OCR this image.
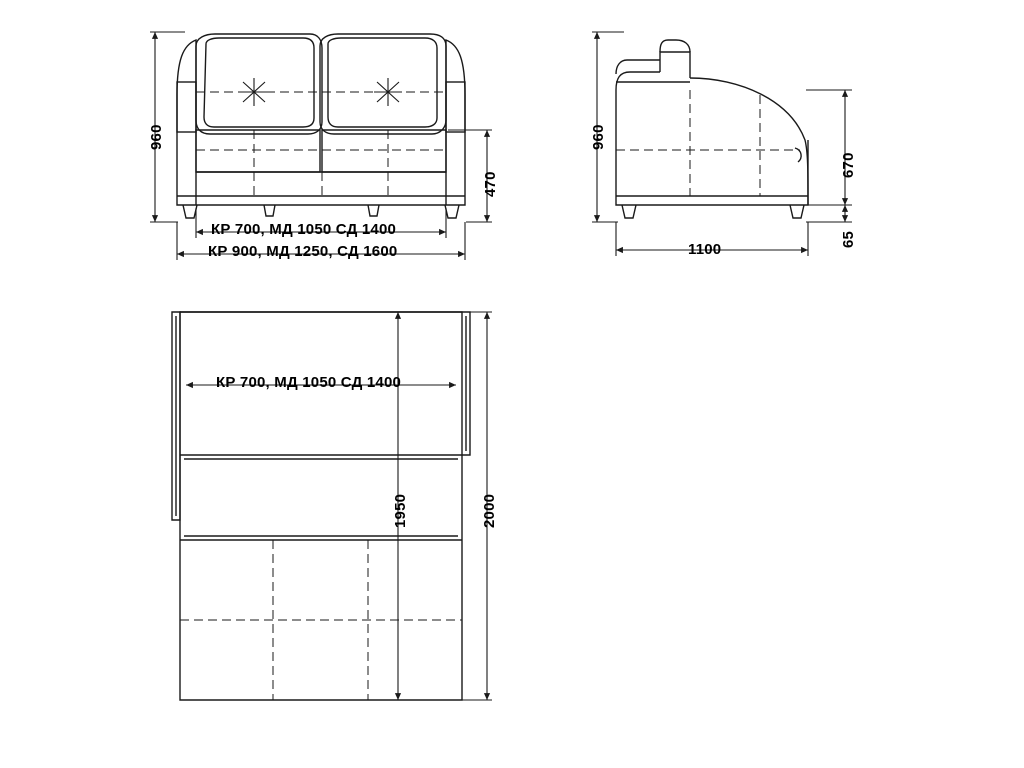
960
470
КР 700, МД 1050 СД 1400
КР 900, МД 1250, СД 1600
960
670
65
1100
КР 700, МД 1050 СД 1400
1950	2000
